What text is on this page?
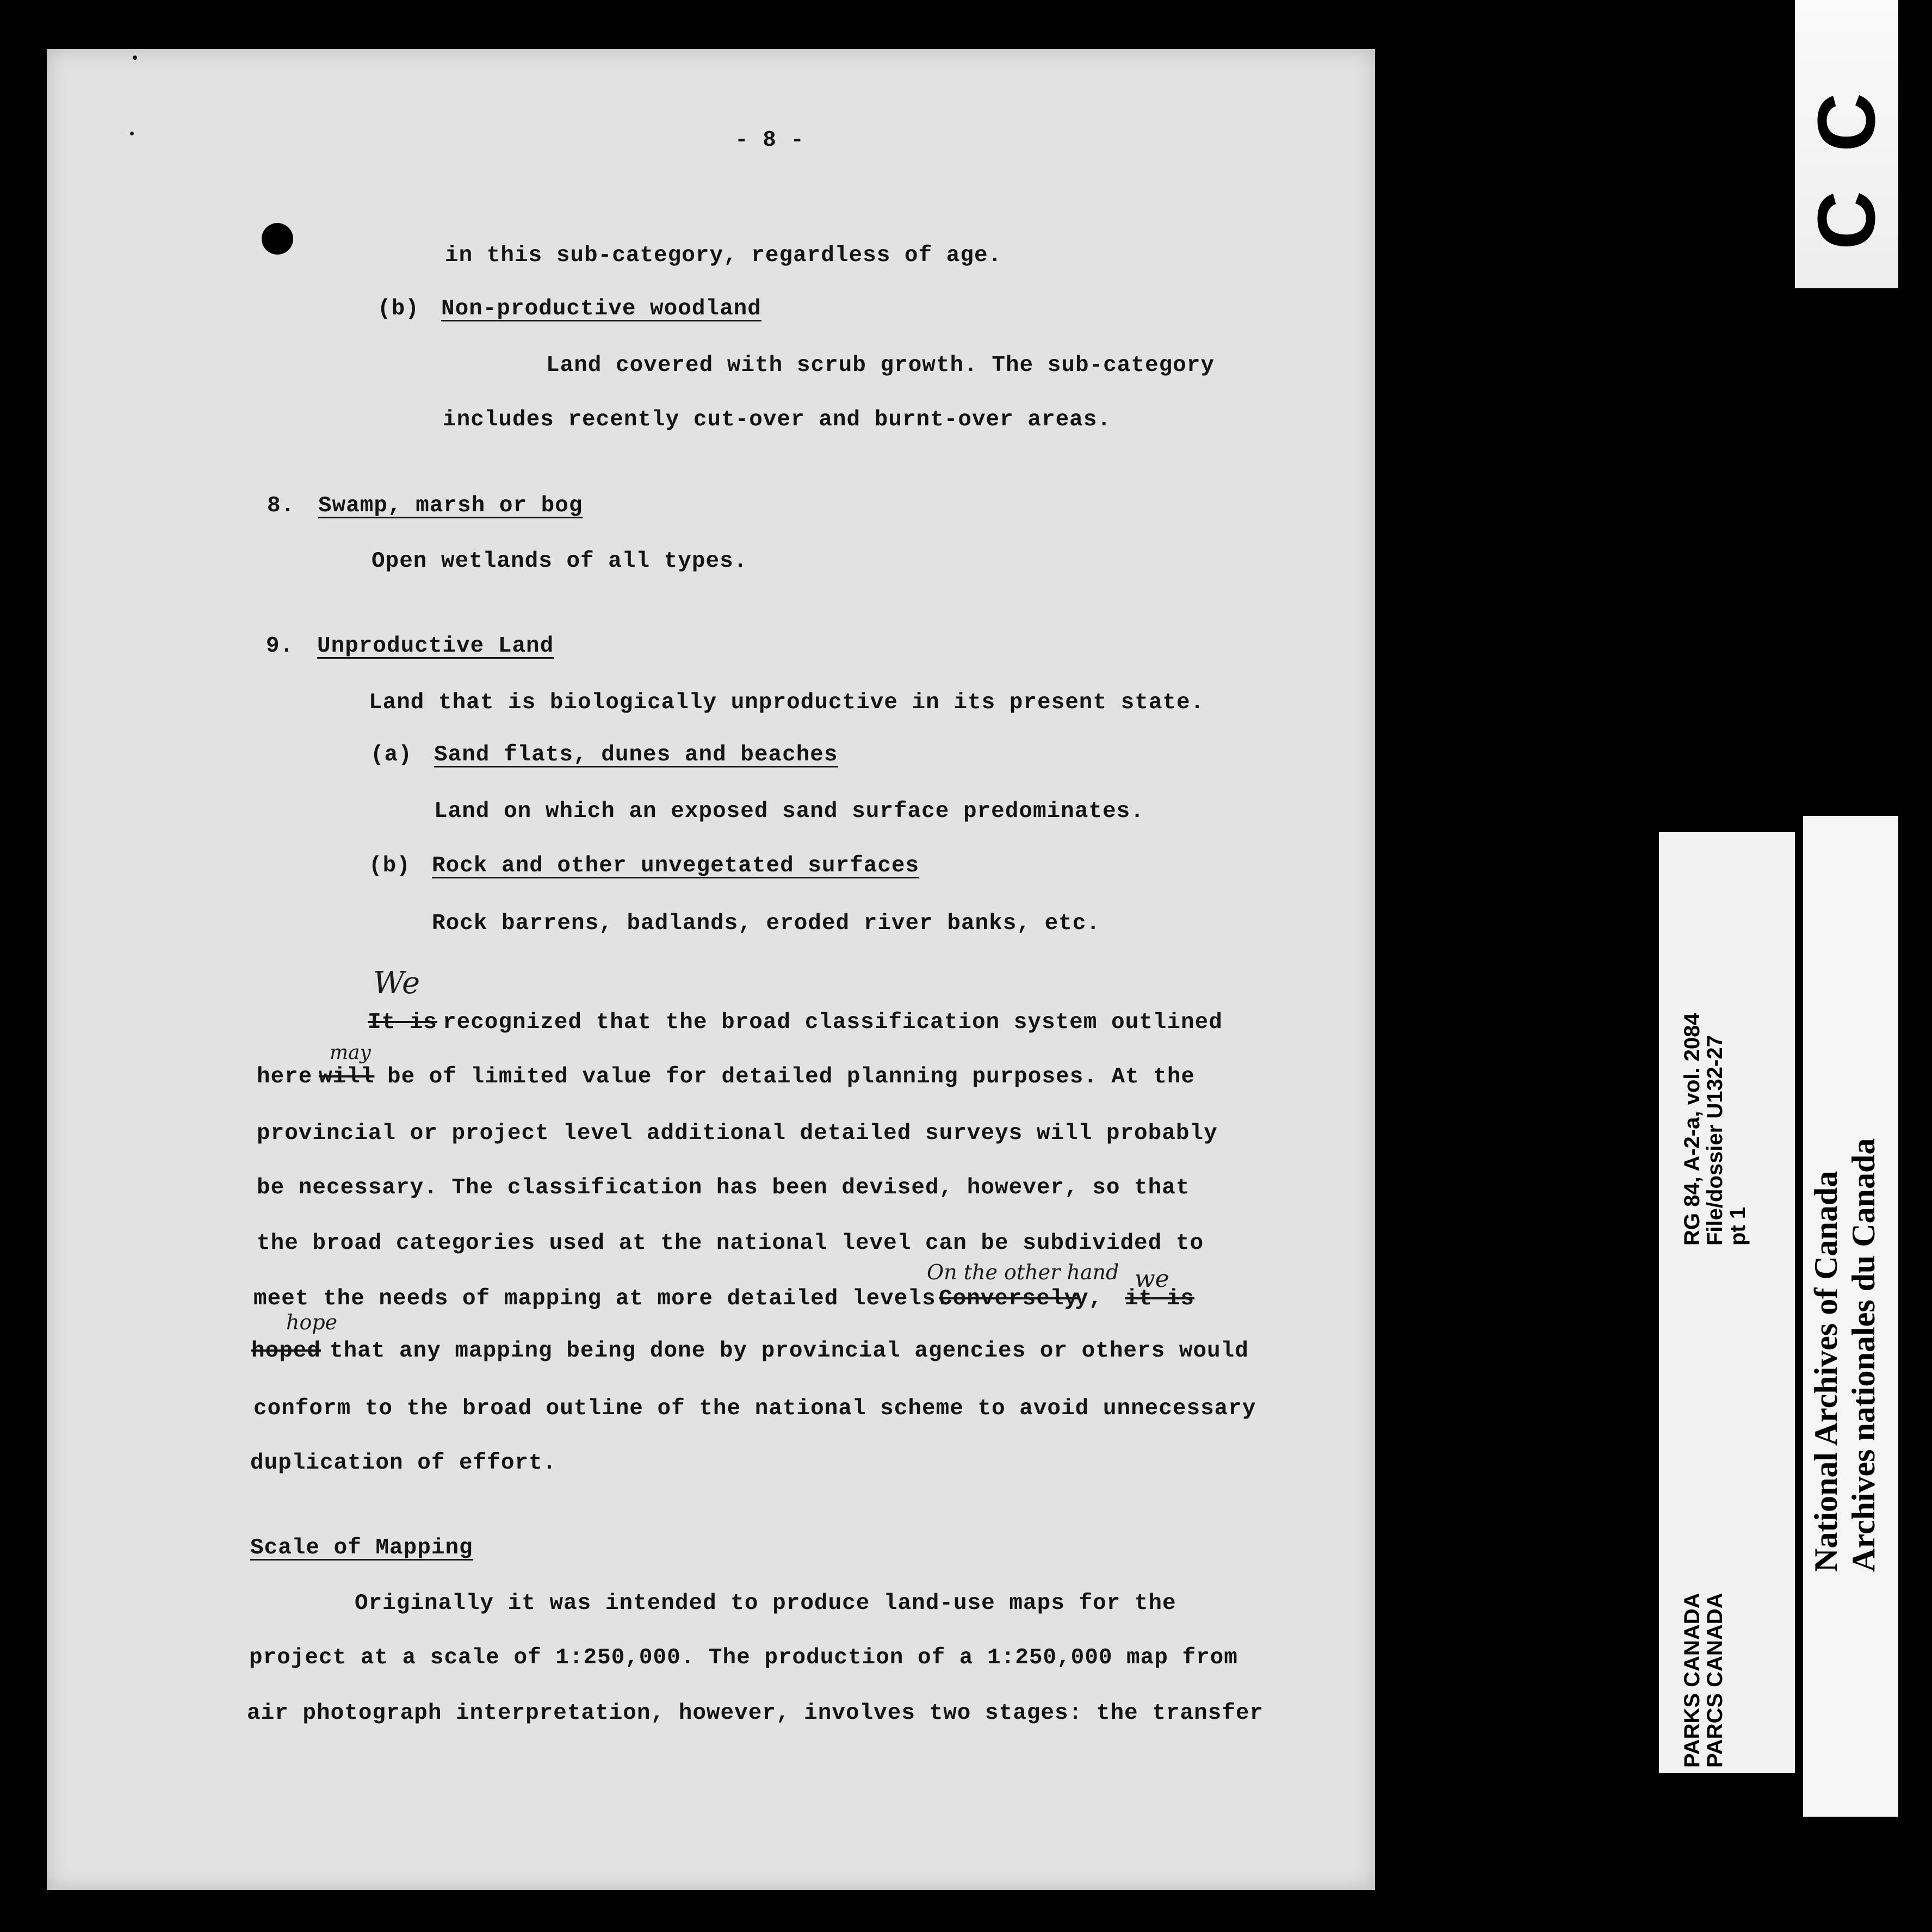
- 8 -
in this sub-category, regardless of age.
(b) Non-productive woodland
Land covered with scrub growth. The sub-category
includes recently cut-over and burnt-over areas.
8. Swamp, marsh or bog
Open wetlands of all types.
9. Unproductive Land
Land that is biologically unproductive in its present state.
(a) Sand flats, dunes and beaches
Land on which an exposed sand surface predominates.
(b) Rock and other unvegetated surfaces
Rock barrens, badlands, eroded river banks, etc.
We
It is recognized that the broad classification system outlined
may
here will be of limited value for detailed planning purposes. At the
provincial or project level additional detailed surveys will probably
be necessary. The classification has been devised, however, so that
the broad categories used at the national level can be subdivided to
On the other hand we
meet the needs of mapping at more detailed levels.
Conversely
y, it is
hope
hoped that any mapping being done by provincial agencies or others would
conform to the broad outline of the national scheme to avoid unnecessary
duplication of effort.
Scale of Mapping
Originally it was intended to produce land-use maps for the
project at a scale of 1:250,000. The production of a 1:250,000 map from
air photograph interpretation, however, involves two stages: the transfer
C
C
PARKS CANADA
PARCS CANADA
RG 84, A-2-a, vol. 2084
File/dossier U132-27
pt 1 National Archives of Canada Archives nationales du Canada
